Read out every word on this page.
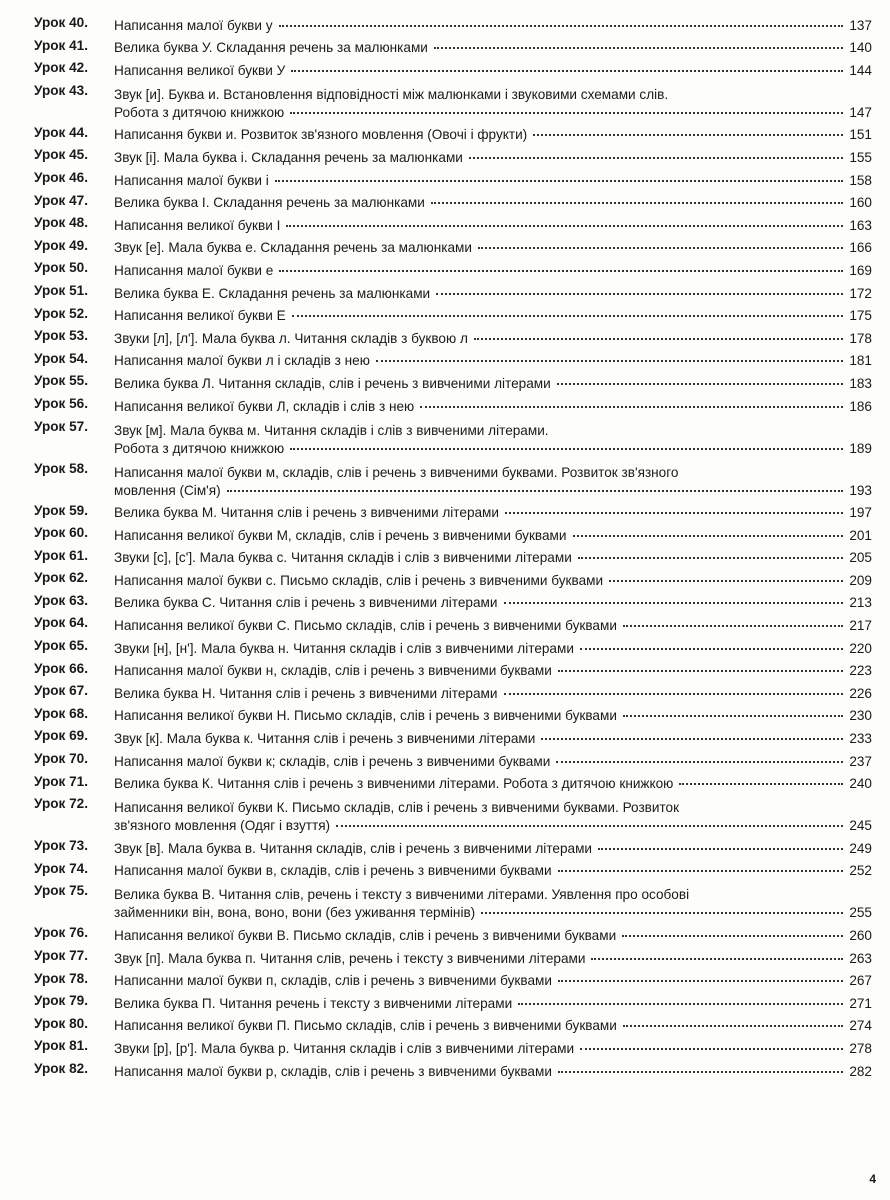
Урок 40.	Написання малої букви у	137
Урок 41.	Велика буква У. Складання речень за малюнками	140
Урок 42.	Написання великої букви У	144
Урок 43.	Звук [и]. Буква и. Встановлення відповідності між малюнками і звуковими схемами слів.
Робота з дитячою книжкою	147
Урок 44.	Написання букви и. Розвиток зв'язного мовлення (Овочі і фрукти)	151
Урок 45.	Звук [і]. Мала буква і. Складання речень за малюнками	155
Урок 46.	Написання малої букви і	158
Урок 47.	Велика буква І. Складання речень за малюнками	160
Урок 48.	Написання великої букви І	163
Урок 49.	Звук [е]. Мала буква е. Складання речень за малюнками	166
Урок 50.	Написання малої букви е	169
Урок 51.	Велика буква Е. Складання речень за малюнками	172
Урок 52.	Написання великої букви Е	175
Урок 53.	Звуки [л], [л']. Мала буква л. Читання складів з буквою л	178
Урок 54.	Написання малої букви л і складів з нею	181
Урок 55.	Велика буква Л. Читання складів, слів і речень з вивченими літерами	183
Урок 56.	Написання великої букви Л, складів і слів з нею	186
Урок 57.	Звук [м]. Мала буква м. Читання складів і слів з вивченими літерами.
Робота з дитячою книжкою	189
Урок 58.	Написання малої букви м, складів, слів і речень з вивченими буквами. Розвиток зв'язного
мовлення (Сім'я)	193
Урок 59.	Велика буква М. Читання слів і речень з вивченими літерами	197
Урок 60.	Написання великої букви М, складів, слів і речень з вивченими буквами	201
Урок 61.	Звуки [с], [с']. Мала буква с. Читання складів і слів з вивченими літерами	205
Урок 62.	Написання малої букви с. Письмо складів, слів і речень з вивченими буквами	209
Урок 63.	Велика буква С. Читання слів і речень з вивченими літерами	213
Урок 64.	Написання великої букви С. Письмо складів, слів і речень з вивченими буквами	217
Урок 65.	Звуки [н], [н']. Мала буква н. Читання складів і слів з вивченими літерами	220
Урок 66.	Написання малої букви н, складів, слів і речень з вивченими буквами	223
Урок 67.	Велика буква Н. Читання слів і речень з вивченими літерами	226
Урок 68.	Написання великої букви Н. Письмо складів, слів і речень з вивченими буквами	230
Урок 69.	Звук [к]. Мала буква к. Читання слів і речень з вивченими літерами	233
Урок 70.	Написання малої букви к; складів, слів і речень з вивченими буквами	237
Урок 71.	Велика буква К. Читання слів і речень з вивченими літерами. Робота з дитячою книжкою	240
Урок 72.	Написання великої букви К. Письмо складів, слів і речень з вивченими буквами. Розвиток
зв'язного мовлення (Одяг і взуття)	245
Урок 73.	Звук [в]. Мала буква в. Читання складів, слів і речень з вивченими літерами	249
Урок 74.	Написання малої букви в, складів, слів і речень з вивченими буквами	252
Урок 75.	Велика буква В. Читання слів, речень і тексту з вивченими літерами. Уявлення про особові
займенники він, вона, воно, вони (без уживання термінів)	255
Урок 76.	Написання великої букви В. Письмо складів, слів і речень з вивченими буквами	260
Урок 77.	Звук [п]. Мала буква п. Читання слів, речень і тексту з вивченими літерами	263
Урок 78.	Написанни малої букви п, складів, слів і речень з вивченими буквами	267
Урок 79.	Велика буква П. Читання речень і тексту з вивченими літерами	271
Урок 80.	Написання великої букви П. Письмо складів, слів і речень з вивченими буквами	274
Урок 81.	Звуки [р], [р']. Мала буква р. Читання складів і слів з вивченими літерами	278
Урок 82.	Написання малої букви р, складів, слів і речень з вивченими буквами	282
4
